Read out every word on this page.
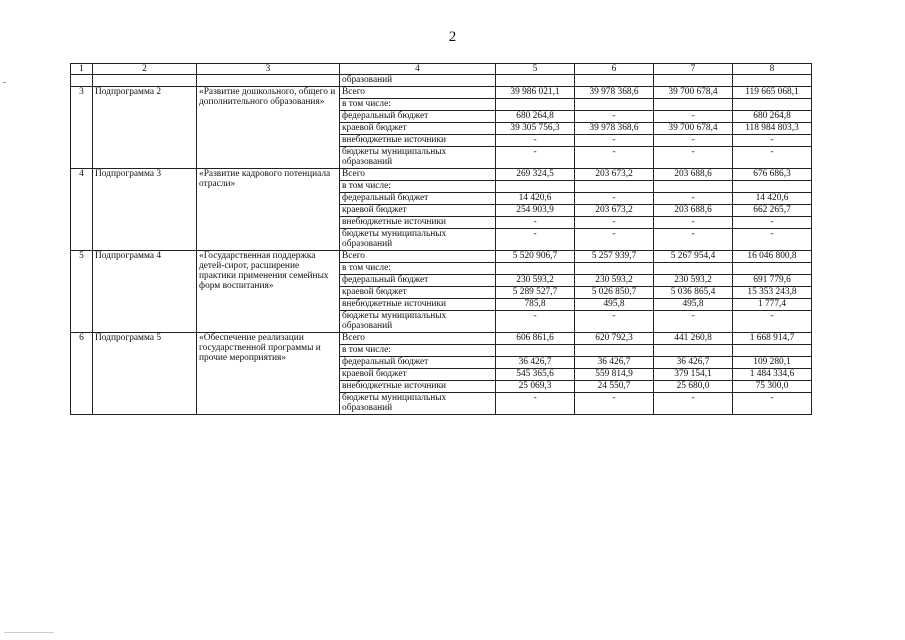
2
1	2	3	4	5	6	7	8
			образований				
3	Подпрограмма 2	«Развитие дошкольного, общего и дополнительного образования»	Всего	39 986 021,1	39 978 368,6	39 700 678,4	119 665 068,1
			в том числе:				
			федеральный бюджет	680 264,8	-	-	680 264,8
			краевой бюджет	39 305 756,3	39 978 368,6	39 700 678,4	118 984 803,3
			внебюджетные источники	-	-	-	-
			бюджеты муниципальных образований	-	-	-	-
4	Подпрограмма 3	«Развитие кадрового потенциала отрасли»	Всего	269 324,5	203 673,2	203 688,6	676 686,3
			в том числе:				
			федеральный бюджет	14 420,6	-	-	14 420,6
			краевой бюджет	254 903,9	203 673,2	203 688,6	662 265,7
			внебюджетные источники	-	-	-	-
			бюджеты муниципальных образований	-	-	-	-
5	Подпрограмма 4	«Государственная поддержка детей-сирот, расширение практики применения семейных форм воспитания»	Всего	5 520 906,7	5 257 939,7	5 267 954,4	16 046 800,8
			в том числе:				
			федеральный бюджет	230 593,2	230 593,2	230 593,2	691 779,6
			краевой бюджет	5 289 527,7	5 026 850,7	5 036 865,4	15 353 243,8
			внебюджетные источники	785,8	495,8	495,8	1 777,4
			бюджеты муниципальных образований	-	-	-	-
6	Подпрограмма 5	«Обеспечение реализации государственной программы и прочие мероприятия»	Всего	606 861,6	620 792,3	441 260,8	1 668 914,7
			в том числе:				
			федеральный бюджет	36 426,7	36 426,7	36 426,7	109 280,1
			краевой бюджет	545 365,6	559 814,9	379 154,1	1 484 334,6
			внебюджетные источники	25 069,3	24 550,7	25 680,0	75 300,0
			бюджеты муниципальных образований	-	-	-	-
